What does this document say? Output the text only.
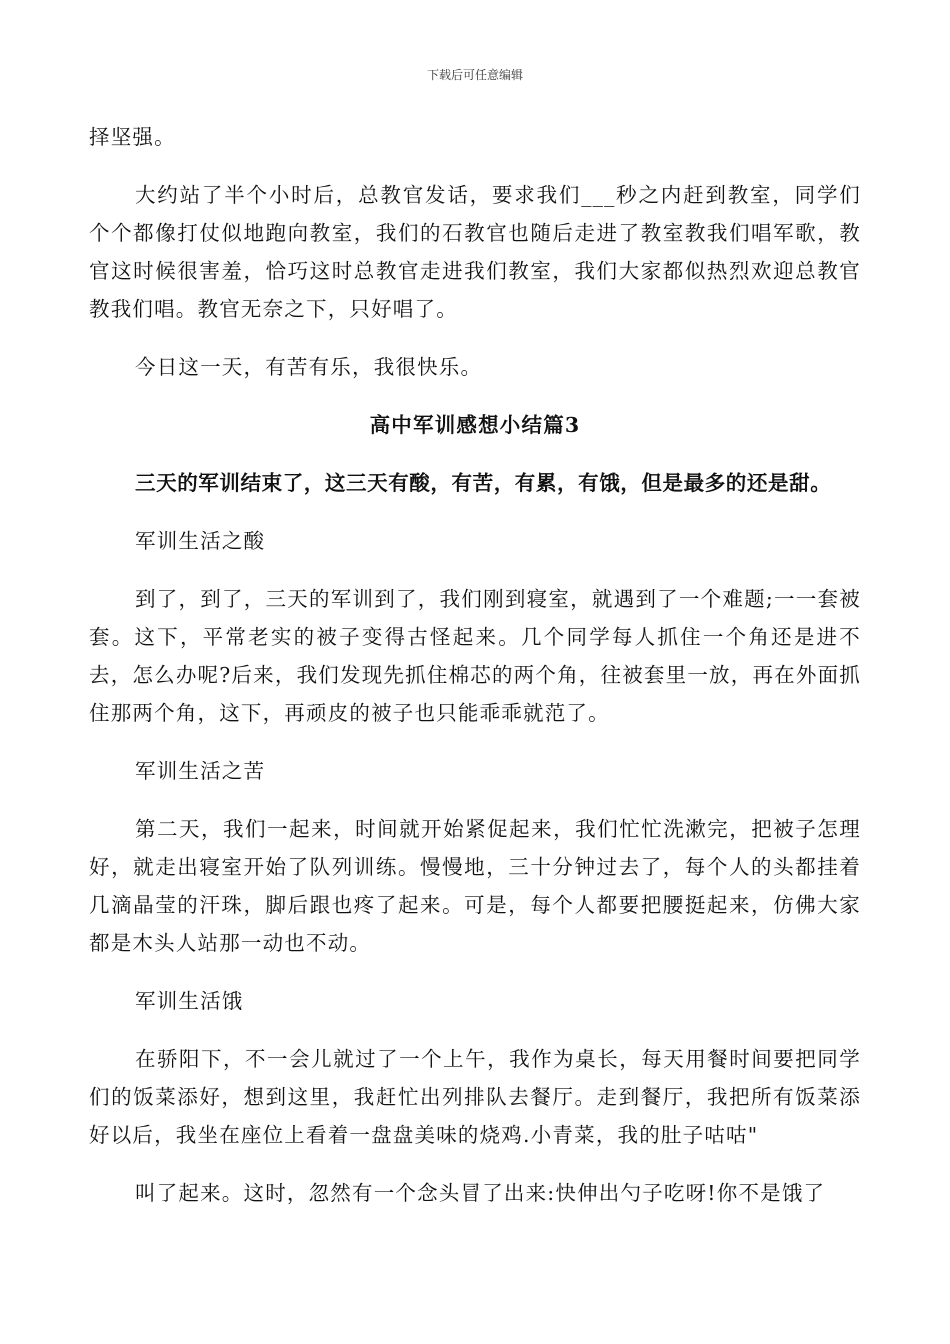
下载后可任意编辑

择坚强。

大约站了半个小时后，总教官发话，要求我们___秒之内赶到教室，同学们个个都像打仗似地跑向教室，我们的石教官也随后走进了教室教我们唱军歌，教官这时候很害羞，恰巧这时总教官走进我们教室，我们大家都似热烈欢迎总教官教我们唱。教官无奈之下，只好唱了。

今日这一天，有苦有乐，我很快乐。

高中军训感想小结篇3

三天的军训结束了，这三天有酸，有苦，有累，有饿，但是最多的还是甜。

军训生活之酸

到了，到了，三天的军训到了，我们刚到寝室，就遇到了一个难题;一一套被套。这下，平常老实的被子变得古怪起来。几个同学每人抓住一个角还是进不去，怎么办呢?后来，我们发现先抓住棉芯的两个角，往被套里一放，再在外面抓住那两个角，这下，再顽皮的被子也只能乖乖就范了。

军训生活之苦

第二天，我们一起来，时间就开始紧促起来，我们忙忙洗漱完，把被子怎理好，就走出寝室开始了队列训练。慢慢地，三十分钟过去了，每个人的头都挂着几滴晶莹的汗珠，脚后跟也疼了起来。可是，每个人都要把腰挺起来，仿佛大家都是木头人站那一动也不动。

军训生活饿

在骄阳下，不一会儿就过了一个上午，我作为桌长，每天用餐时间要把同学们的饭菜添好，想到这里，我赶忙出列排队去餐厅。走到餐厅，我把所有饭菜添好以后，我坐在座位上看着一盘盘美味的烧鸡.小青菜，我的肚子咕咕"

叫了起来。这时，忽然有一个念头冒了出来:快伸出勺子吃呀!你不是饿了
